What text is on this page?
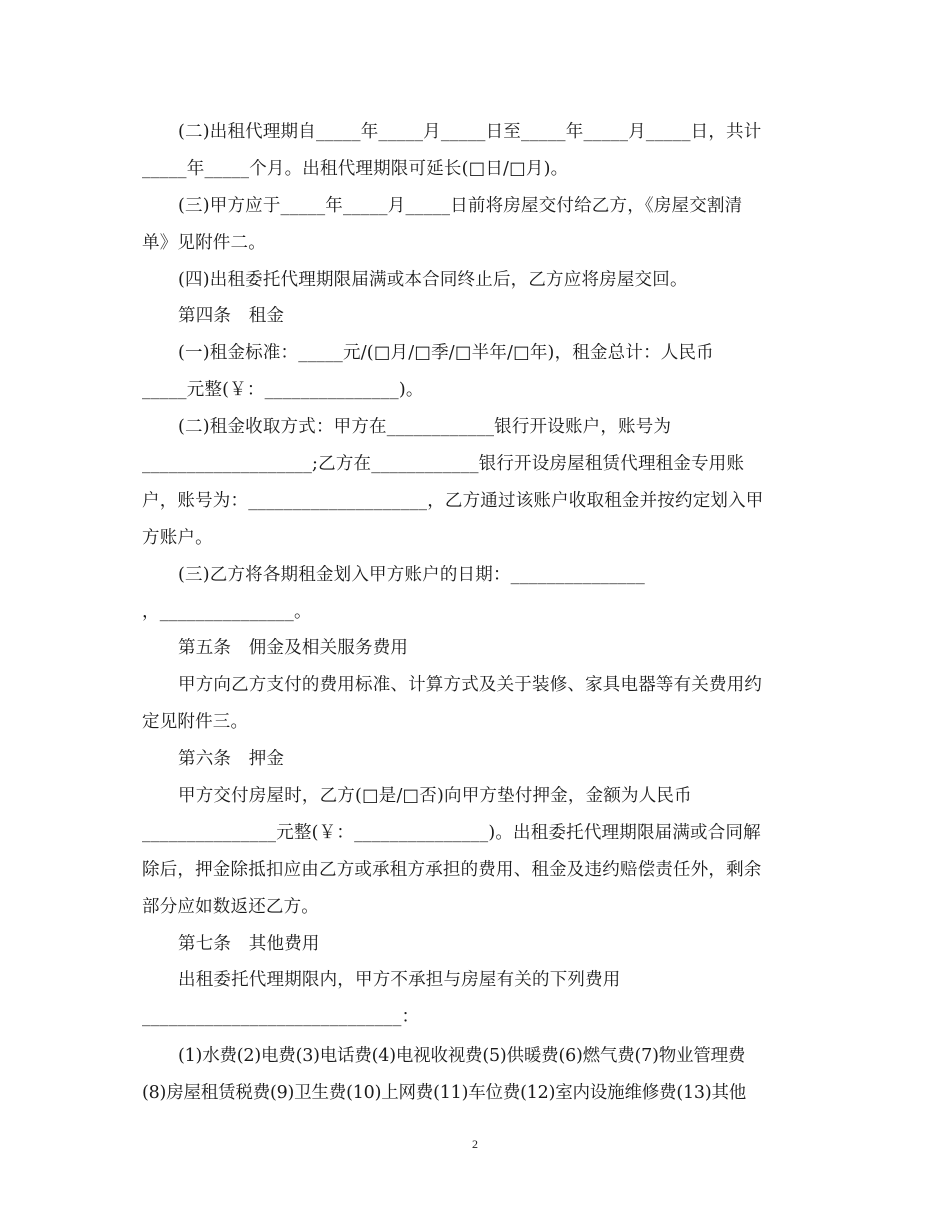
(二)出租代理期自_____年_____月_____日至_____年_____月_____日，共计
_____年_____个月。出租代理期限可延长(□日/□月)。
(三)甲方应于_____年_____月_____日前将房屋交付给乙方，《房屋交割清
单》见附件二。
(四)出租委托代理期限届满或本合同终止后，乙方应将房屋交回。
第四条　租金
(一)租金标准：_____元/(□月/□季/□半年/□年)，租金总计：人民币
_____元整(￥：_______________)。
(二)租金收取方式：甲方在____________银行开设账户，账号为
___________________;乙方在____________银行开设房屋租赁代理租金专用账
户，账号为：____________________，乙方通过该账户收取租金并按约定划入甲
方账户。
(三)乙方将各期租金划入甲方账户的日期：_______________
，_______________。
第五条　佣金及相关服务费用
甲方向乙方支付的费用标准、计算方式及关于装修、家具电器等有关费用约
定见附件三。
第六条　押金
甲方交付房屋时，乙方(□是/□否)向甲方垫付押金，金额为人民币
_______________元整(￥：_______________)。出租委托代理期限届满或合同解
除后，押金除抵扣应由乙方或承租方承担的费用、租金及违约赔偿责任外，剩余
部分应如数返还乙方。
第七条　其他费用
出租委托代理期限内，甲方不承担与房屋有关的下列费用
_____________________________：
(1)水费(2)电费(3)电话费(4)电视收视费(5)供暖费(6)燃气费(7)物业管理费
(8)房屋租赁税费(9)卫生费(10)上网费(11)车位费(12)室内设施维修费(13)其他
2
